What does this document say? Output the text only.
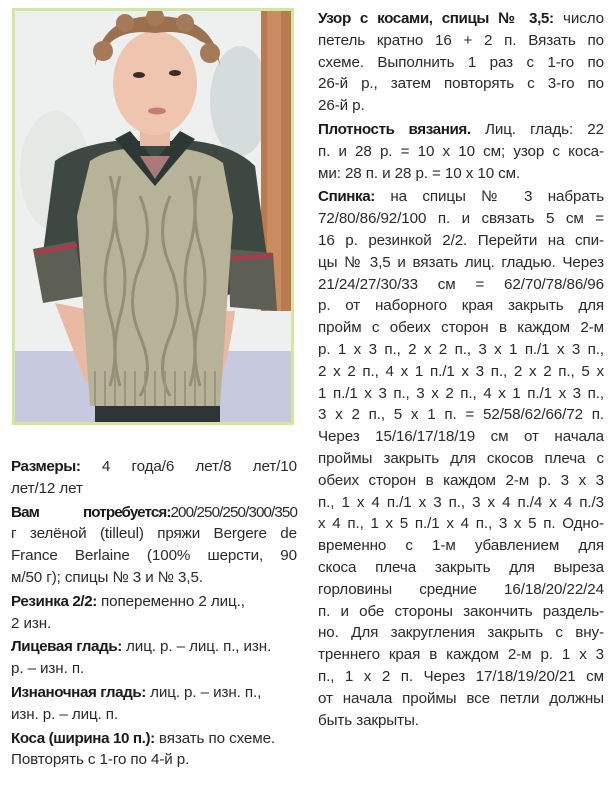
Размеры: 4 года/6 лет/8 лет/10
лет/12 лет

Вам потребуется:200/250/250/300/350
г зелёной (tilleul) пряжи Bergere de
France Berlaine (100% шерсти, 90
м/50 г); спицы № 3 и № 3,5.

Резинка 2/2: попеременно 2 лиц.,
2 изн.

Лицевая гладь: лиц. р. – лиц. п., изн.
р. – изн. п.

Изнаночная гладь: лиц. р. – изн. п.,
изн. р. – лиц. п.

Коса (ширина 10 п.): вязать по схеме.
Повторять с 1-го по 4-й р.

Узор с косами, спицы № 3,5: число
петель кратно 16 + 2 п. Вязать по
схеме. Выполнить 1 раз с 1-го по
26-й р., затем повторять с 3-го по
26-й р.

Плотность вязания. Лиц. гладь: 22
п. и 28 р. = 10 х 10 см; узор с коса-
ми: 28 п. и 28 р. = 10 х 10 см.

Спинка: на спицы № 3 набрать
72/80/86/92/100 п. и связать 5 см =
16 р. резинкой 2/2. Перейти на спи-
цы № 3,5 и вязать лиц. гладью. Через
21/24/27/30/33 см = 62/70/78/86/96
р. от наборного края закрыть для
пройм с обеих сторон в каждом 2-м
р. 1 х 3 п., 2 х 2 п., 3 х 1 п./1 х 3 п.,
2 х 2 п., 4 х 1 п./1 х 3 п., 2 х 2 п., 5 х
1 п./1 х 3 п., 3 х 2 п., 4 х 1 п./1 х 3 п.,
3 х 2 п., 5 х 1 п. = 52/58/62/66/72 п.
Через 15/16/17/18/19 см от начала
проймы закрыть для скосов плеча с
обеих сторон в каждом 2-м р. 3 х 3
п., 1 х 4 п./1 х 3 п., 3 х 4 п./4 х 4 п./3
х 4 п., 1 х 5 п./1 х 4 п., 3 х 5 п. Одно-
временно с 1-м убавлением для
скоса плеча закрыть для выреза
горловины средние 16/18/20/22/24
п. и обе стороны закончить раздель-
но. Для закругления закрыть с вну-
треннего края в каждом 2-м р. 1 х 3
п., 1 х 2 п. Через 17/18/19/20/21 см
от начала проймы все петли должны
быть закрыты.
